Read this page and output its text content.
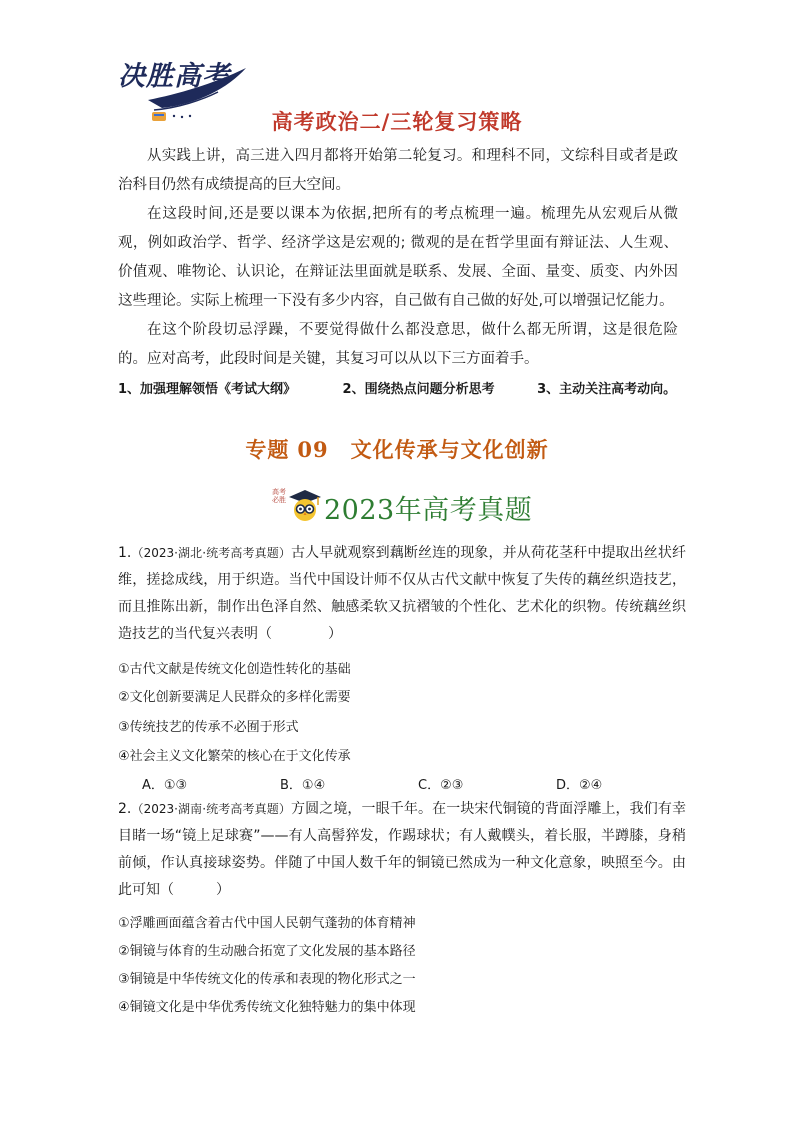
决胜高考
高考政治二/三轮复习策略
从实践上讲，高三进入四月都将开始第二轮复习。和理科不同，文综科目或者是政治科目仍然有成绩提高的巨大空间。
在这段时间,还是要以课本为依据,把所有的考点梳理一遍。梳理先从宏观后从微观，例如政治学、哲学、经济学这是宏观的; 微观的是在哲学里面有辩证法、人生观、价值观、唯物论、认识论，在辩证法里面就是联系、发展、全面、量变、质变、内外因这些理论。实际上梳理一下没有多少内容，自己做有自己做的好处,可以增强记忆能力。
在这个阶段切忌浮躁，不要觉得做什么都没意思，做什么都无所谓，这是很危险的。应对高考，此段时间是关键，其复习可以从以下三方面着手。
1、加强理解领悟《考试大纲》	2、围绕热点问题分析思考	3、主动关注高考动向。
专题 09 文化传承与文化创新
高考必胜 2023年高考真题
1.（2023·湖北·统考高考真题）古人早就观察到藕断丝连的现象，并从荷花茎秆中提取出丝状纤维，搓捻成线，用于织造。当代中国设计师不仅从古代文献中恢复了失传的藕丝织造技艺，而且推陈出新，制作出色泽自然、触感柔软又抗褶皱的个性化、艺术化的织物。传统藕丝织造技艺的当代复兴表明（　　　　）
①古代文献是传统文化创造性转化的基础
②文化创新要满足人民群众的多样化需要
③传统技艺的传承不必囿于形式
④社会主义文化繁荣的核心在于文化传承
A．①③	B．①④	C．②③	D．②④
2.（2023·湖南·统考高考真题）方圆之境，一眼千年。在一块宋代铜镜的背面浮雕上，我们有幸目睹一场“镜上足球赛”——有人高髻猝发，作踢球状；有人戴幞头，着长服，半蹲膝，身稍前倾，作认真接球姿势。伴随了中国人数千年的铜镜已然成为一种文化意象，映照至今。由此可知（　　　）
①浮雕画面蕴含着古代中国人民朝气蓬勃的体育精神
②铜镜与体育的生动融合拓宽了文化发展的基本路径
③铜镜是中华传统文化的传承和表现的物化形式之一
④铜镜文化是中华优秀传统文化独特魅力的集中体现
